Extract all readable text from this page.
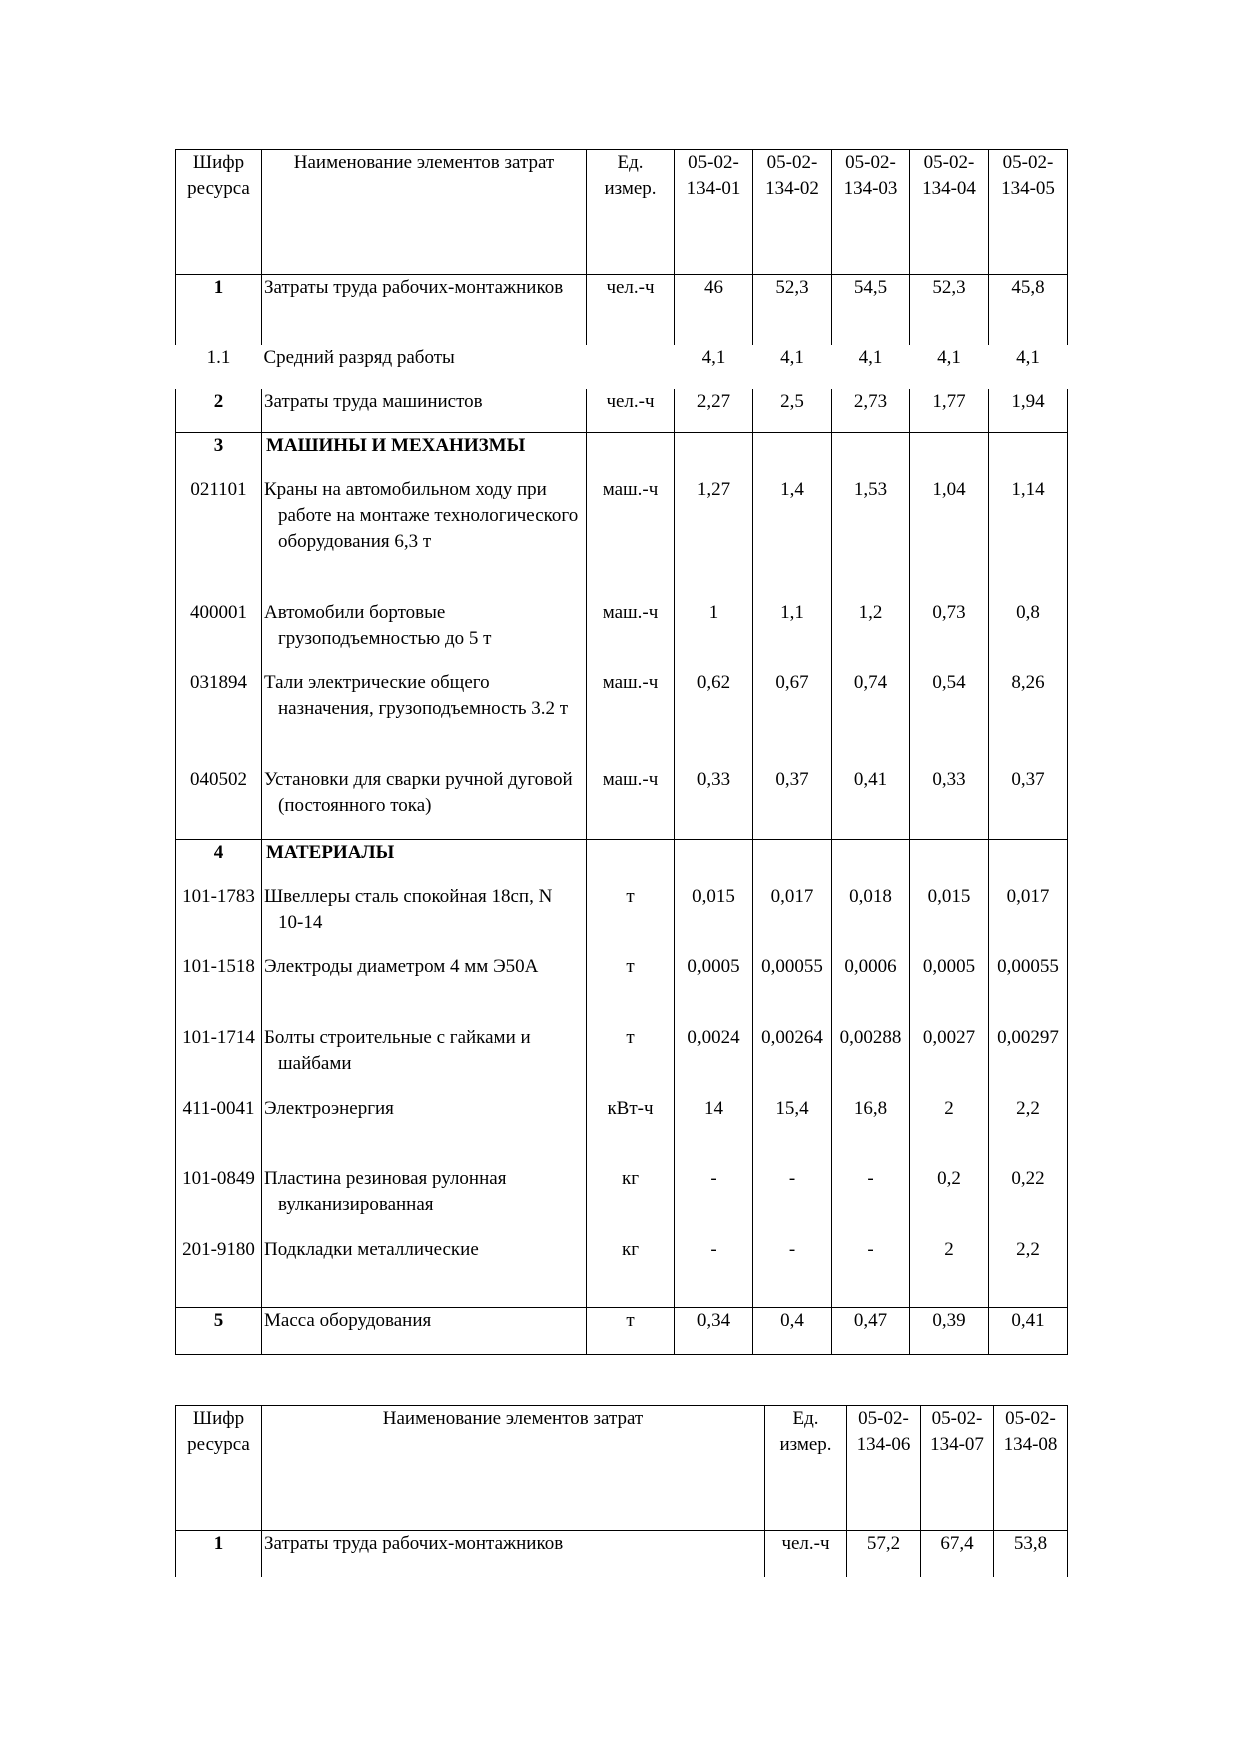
Шифр ресурса	Наименование элементов затрат	Ед. измер.	05-02-134-01	05-02-134-02	05-02-134-03	05-02-134-04	05-02-134-05
1	Затраты труда рабочих-монтажников	чел.-ч	46	52,3	54,5	52,3	45,8
1.1	Средний разряд работы		4,1	4,1	4,1	4,1	4,1
2	Затраты труда машинистов	чел.-ч	2,27	2,5	2,73	1,77	1,94
3	МАШИНЫ И МЕХАНИЗМЫ						
021101	Краны на автомобильном ходу при работе на монтаже технологического оборудования 6,3 т	маш.-ч	1,27	1,4	1,53	1,04	1,14
400001	Автомобили бортовые грузоподъемностью до 5 т	маш.-ч	1	1,1	1,2	0,73	0,8
031894	Тали электрические общего назначения, грузоподъемность 3.2 т	маш.-ч	0,62	0,67	0,74	0,54	8,26
040502	Установки для сварки ручной дуговой (постоянного тока)	маш.-ч	0,33	0,37	0,41	0,33	0,37
4	МАТЕРИАЛЫ						
101-1783	Швеллеры сталь спокойная 18сп, N 10-14	т	0,015	0,017	0,018	0,015	0,017
101-1518	Электроды диаметром 4 мм Э50А	т	0,0005	0,00055	0,0006	0,0005	0,00055
101-1714	Болты строительные с гайками и шайбами	т	0,0024	0,00264	0,00288	0,0027	0,00297
411-0041	Электроэнергия	кВт-ч	14	15,4	16,8	2	2,2
101-0849	Пластина резиновая рулонная вулканизированная	кг	-	-	-	0,2	0,22
201-9180	Подкладки металлические	кг	-	-	-	2	2,2
5	Масса оборудования	т	0,34	0,4	0,47	0,39	0,41
Шифр ресурса	Наименование элементов затрат	Ед. измер.	05-02-134-06	05-02-134-07	05-02-134-08
1	Затраты труда рабочих-монтажников	чел.-ч	57,2	67,4	53,8
